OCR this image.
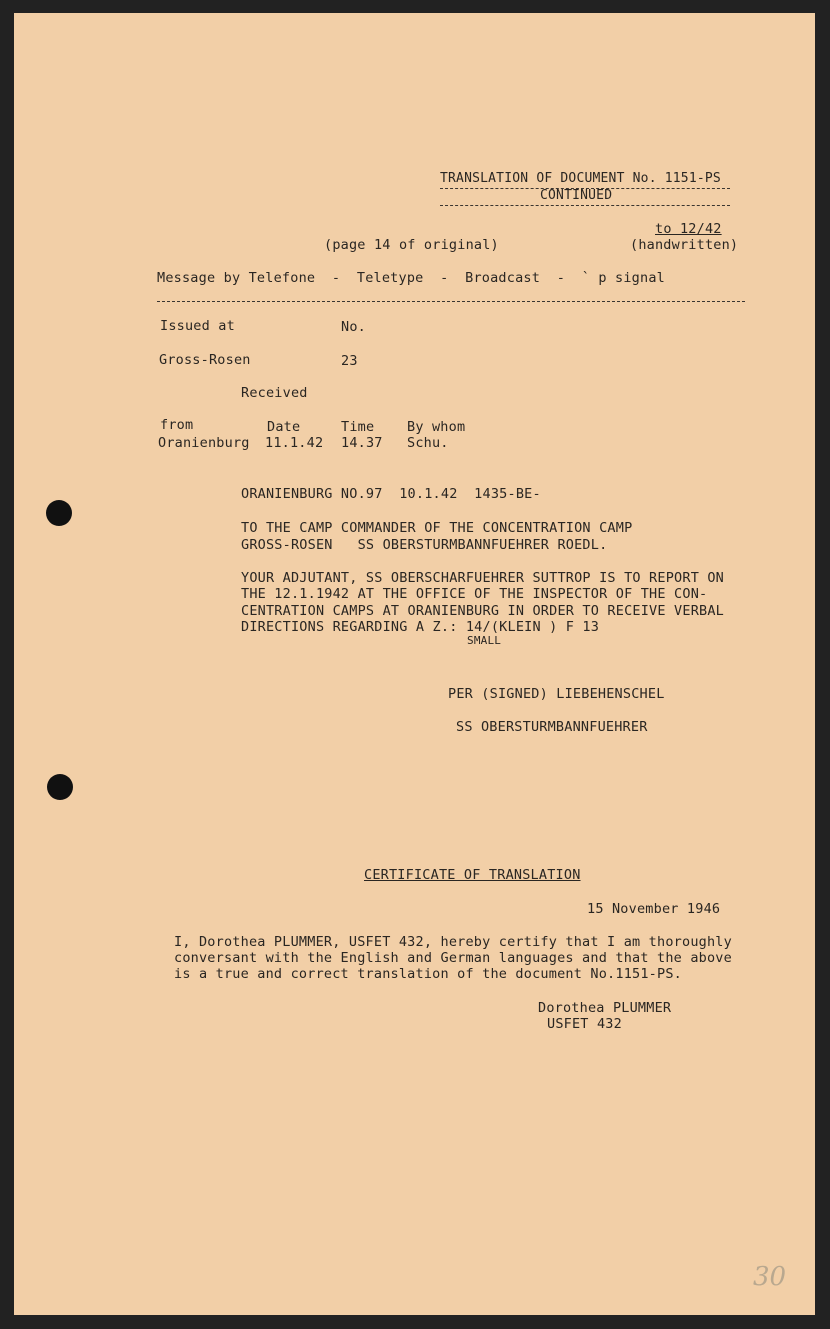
TRANSLATION OF DOCUMENT No. 1151-PS
CONTINUED
to 12/42
(handwritten)
(page 14 of original)
Message by Telefone  -  Teletype  -  Broadcast  -  ` p signal
Issued at	No.
Gross-Rosen	23
Received
from	Date	Time By whom
Oranienburg 11.1.42 14.37 Schu.
ORANIENBURG NO.97  10.1.42  1435-BE-
TO THE CAMP COMMANDER OF THE CONCENTRATION CAMP
GROSS-ROSEN   SS OBERSTURMBANNFUEHRER ROEDL.
YOUR ADJUTANT, SS OBERSCHARFUEHRER SUTTROP IS TO REPORT ON
THE 12.1.1942 AT THE OFFICE OF THE INSPECTOR OF THE CON-
CENTRATION CAMPS AT ORANIENBURG IN ORDER TO RECEIVE VERBAL
DIRECTIONS REGARDING A Z.: 14/(KLEIN ) F 13
SMALL
PER (SIGNED) LIEBEHENSCHEL
SS OBERSTURMBANNFUEHRER
CERTIFICATE OF TRANSLATION
15 November 1946
I, Dorothea PLUMMER, USFET 432, hereby certify that I am thoroughly
conversant with the English and German languages and that the above
is a true and correct translation of the document No.1151-PS.
Dorothea PLUMMER
USFET 432
30
